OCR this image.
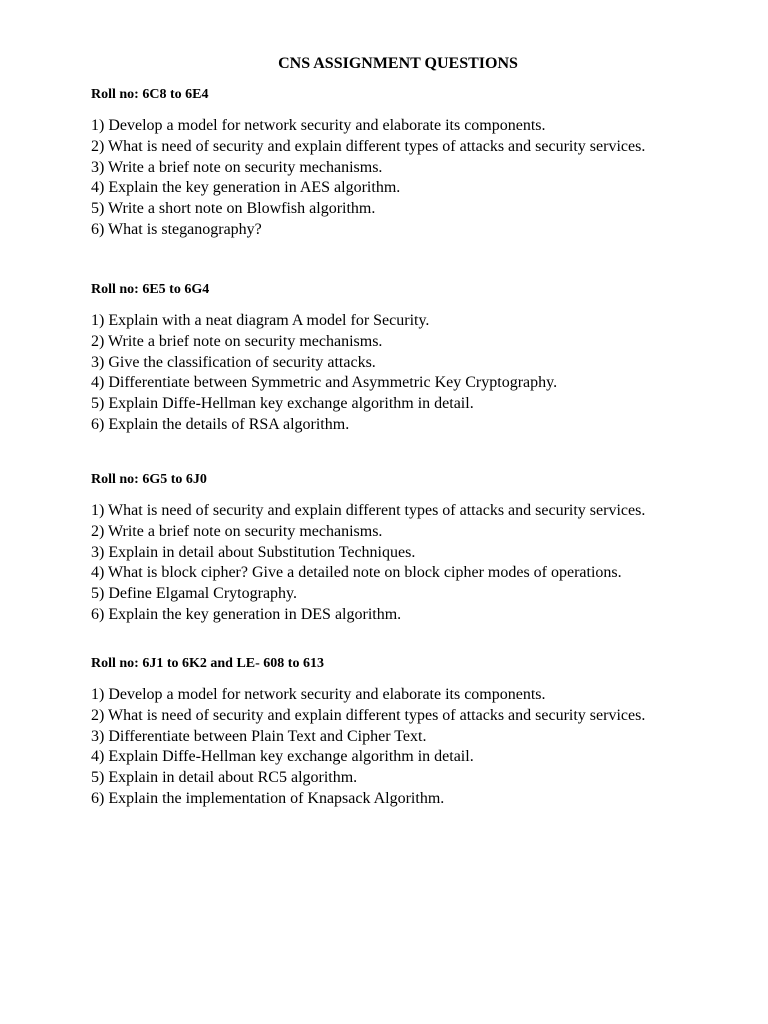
CNS ASSIGNMENT QUESTIONS
Roll no: 6C8 to 6E4
1) Develop a model for network security and elaborate its components.
2) What is need of security and explain different types of attacks and security services.
3) Write a brief note on security mechanisms.
4) Explain the key generation in AES algorithm.
5) Write a short note on Blowfish algorithm.
6) What is steganography?
Roll no: 6E5 to 6G4
1) Explain with a neat diagram A model for Security.
2) Write a brief note on security mechanisms.
3) Give the classification of security attacks.
4) Differentiate between Symmetric and Asymmetric Key Cryptography.
5) Explain Diffe-Hellman key exchange algorithm in detail.
6) Explain the details of RSA algorithm.
Roll no: 6G5 to 6J0
1) What is need of security and explain different types of attacks and security services.
2) Write a brief note on security mechanisms.
3) Explain in detail about Substitution Techniques.
4) What is block cipher? Give a detailed note on block cipher modes of operations.
5) Define Elgamal Crytography.
6) Explain the key generation in DES algorithm.
Roll no: 6J1 to 6K2 and LE- 608 to 613
1) Develop a model for network security and elaborate its components.
2) What is need of security and explain different types of attacks and security services.
3) Differentiate between Plain Text and Cipher Text.
4) Explain Diffe-Hellman key exchange algorithm in detail.
5) Explain in detail about RC5 algorithm.
6) Explain the implementation of Knapsack Algorithm.
